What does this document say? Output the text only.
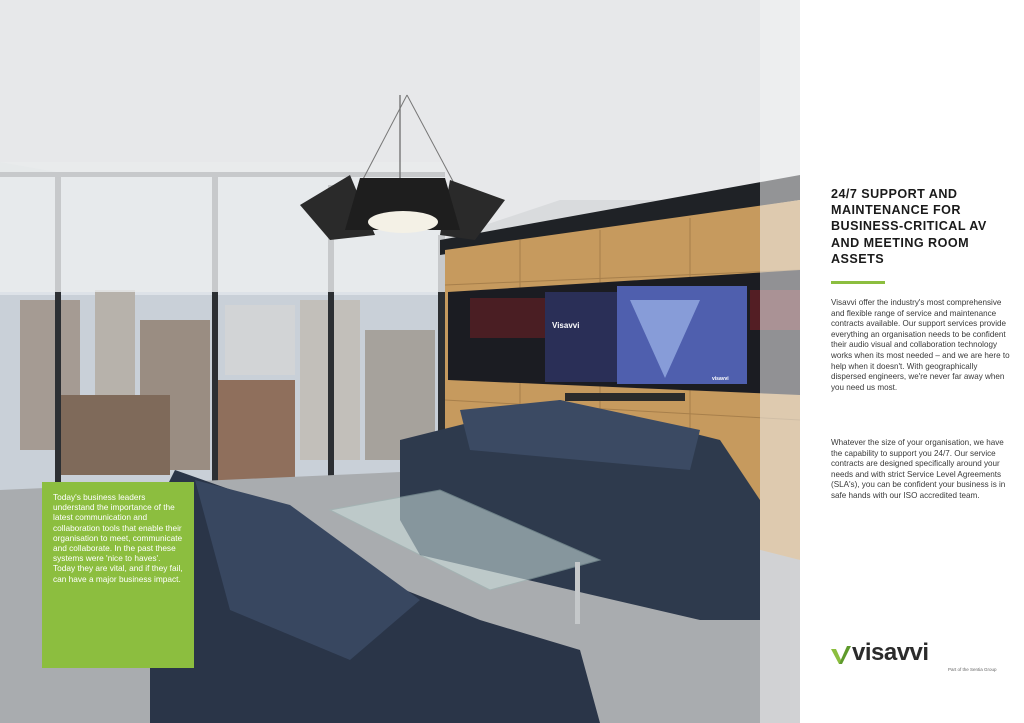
Visavvi
visavvi

Today's business leaders understand the importance of the latest communication and collaboration tools that enable their organisation to meet, communicate and collaborate. In the past these systems were 'nice to haves'. Today they are vital, and if they fail, can have a major business impact.

24/7 SUPPORT AND MAINTENANCE FOR BUSINESS-CRITICAL AV AND MEETING ROOM ASSETS

Visavvi offer the industry's most comprehensive and flexible range of service and maintenance contracts available. Our support services provide everything an organisation needs to be confident their audio visual and collaboration technology works when its most needed – and we are here to help when it doesn't. With geographically dispersed engineers, we're never far away when you need us most.

Whatever the size of your organisation, we have the capability to support you 24/7. Our service contracts are designed specifically around your needs and with strict Service Level Agreements (SLA's), you can be confident your business is in safe hands with our ISO accredited team.

visavvi
Part of the Sentia Group
